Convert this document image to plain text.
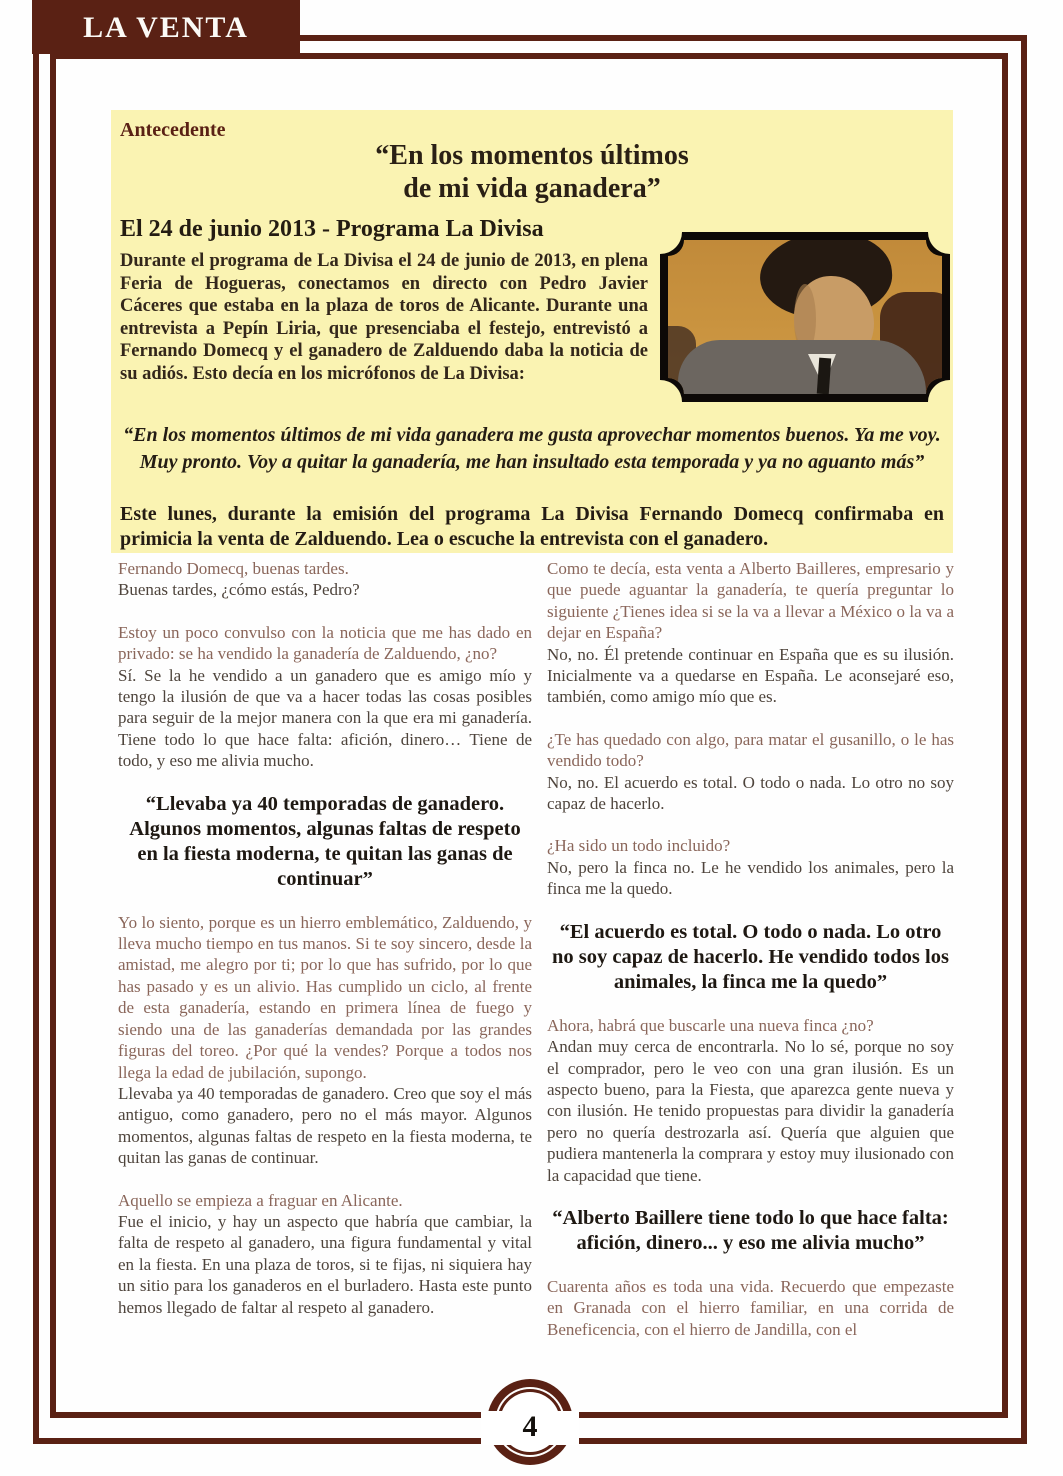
LA VENTA
Antecedente
“En los momentos últimos
de mi vida ganadera”
El 24 de junio 2013 - Programa La Divisa
Durante el programa de La Divisa el 24 de junio de 2013, en plena Feria de Hogueras, conectamos en directo con Pedro Javier Cáceres que estaba en la plaza de toros de Alicante. Durante una entrevista a Pepín Liria, que presenciaba el festejo, entrevistó a Fernando Domecq y el ganadero de Zalduendo daba la noticia de su adiós. Esto decía en los micrófonos de La Divisa:
“En los momentos últimos de mi vida ganadera me gusta aprovechar momentos buenos. Ya me voy. Muy pronto. Voy a quitar la ganadería, me han insultado esta temporada y ya no aguanto más”
Este lunes, durante la emisión del programa La Divisa Fernando Domecq confirmaba en primicia la venta de Zalduendo. Lea o escuche la entrevista con el ganadero.

Fernando Domecq, buenas tardes.

Buenas tardes, ¿cómo estás, Pedro?

Estoy un poco convulso con la noticia que me has dado en privado: se ha vendido la ganadería de Zalduendo, ¿no?

Sí. Se la he vendido a un ganadero que es amigo mío y tengo la ilusión de que va a hacer todas las cosas posibles para seguir de la mejor manera con la que era mi ganadería. Tiene todo lo que hace falta: afición, dinero… Tiene de todo, y eso me alivia mucho.

“Llevaba ya 40 temporadas de ganadero. Algunos momentos, algunas faltas de respeto en la fiesta moderna, te quitan las ganas de continuar”

Yo lo siento, porque es un hierro emblemático, Zalduendo, y lleva mucho tiempo en tus manos. Si te soy sincero, desde la amistad, me alegro por ti; por lo que has sufrido, por lo que has pasado y es un alivio. Has cumplido un ciclo, al frente de esta ganadería, estando en primera línea de fuego y siendo una de las ganaderías demandada por las grandes figuras del toreo. ¿Por qué la vendes? Porque a todos nos llega la edad de jubilación, supongo.

Llevaba ya 40 temporadas de ganadero. Creo que soy el más antiguo, como ganadero, pero no el más mayor. Algunos momentos, algunas faltas de respeto en la fiesta moderna, te quitan las ganas de continuar.

Aquello se empieza a fraguar en Alicante.

Fue el inicio, y hay un aspecto que habría que cambiar, la falta de respeto al ganadero, una figura fundamental y vital en la fiesta. En una plaza de toros, si te fijas, ni siquiera hay un sitio para los ganaderos en el burladero. Hasta este punto hemos llegado de faltar al respeto al ganadero.

Como te decía, esta venta a Alberto Bailleres, empresario y que puede aguantar la ganadería, te quería preguntar lo siguiente ¿Tienes idea si se la va a llevar a México o la va a dejar en España?

No, no. Él pretende continuar en España que es su ilusión. Inicialmente va a quedarse en España. Le aconsejaré eso, también, como amigo mío que es.

¿Te has quedado con algo, para matar el gusanillo, o le has vendido todo?

No, no. El acuerdo es total. O todo o nada. Lo otro no soy capaz de hacerlo.

¿Ha sido un todo incluido?

No, pero la finca no. Le he vendido los animales, pero la finca me la quedo.

“El acuerdo es total. O todo o nada. Lo otro no soy capaz de hacerlo. He vendido todos los animales, la finca me la quedo”

Ahora, habrá que buscarle una nueva finca ¿no?

Andan muy cerca de encontrarla. No lo sé, porque no soy el comprador, pero le veo con una gran ilusión. Es un aspecto bueno, para la Fiesta, que aparezca gente nueva y con ilusión. He tenido propuestas para dividir la ganadería pero no quería destrozarla así. Quería que alguien que pudiera mantenerla la comprara y estoy muy ilusionado con la capacidad que tiene.

“Alberto Baillere tiene todo lo que hace falta: afición, dinero... y eso me alivia mucho”

Cuarenta años es toda una vida. Recuerdo que empezaste en Granada con el hierro familiar, en una corrida de Beneficencia, con el hierro de Jandilla, con el

4
